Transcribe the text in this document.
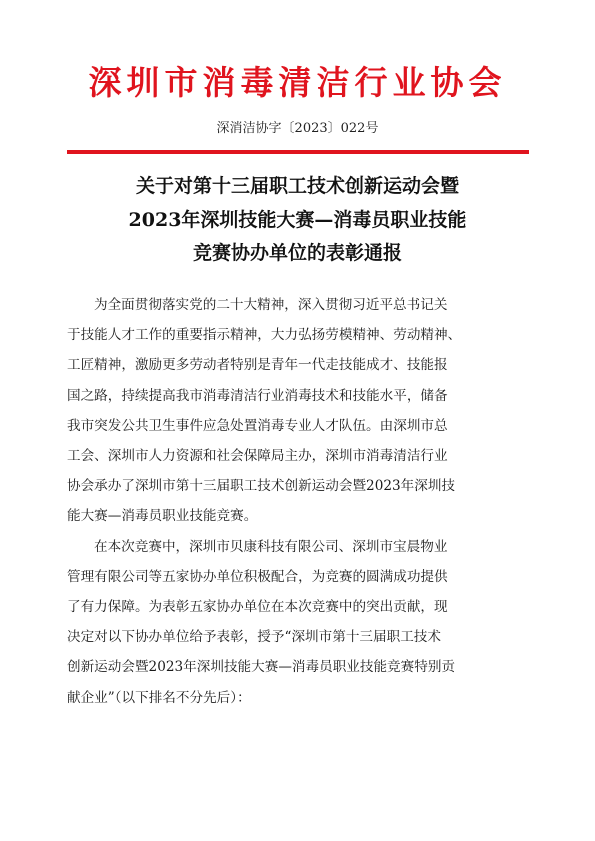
深圳市消毒清洁行业协会
深消洁协字〔2023〕022号
关于对第十三届职工技术创新运动会暨
2023年深圳技能大赛—消毒员职业技能
竞赛协办单位的表彰通报
为全面贯彻落实党的二十大精神，深入贯彻习近平总书记关
于技能人才工作的重要指示精神，大力弘扬劳模精神、劳动精神、
工匠精神，激励更多劳动者特别是青年一代走技能成才、技能报
国之路，持续提高我市消毒清洁行业消毒技术和技能水平，储备
我市突发公共卫生事件应急处置消毒专业人才队伍。由深圳市总
工会、深圳市人力资源和社会保障局主办，深圳市消毒清洁行业
协会承办了深圳市第十三届职工技术创新运动会暨2023年深圳技
能大赛—消毒员职业技能竞赛。
在本次竞赛中，深圳市贝康科技有限公司、深圳市宝晨物业
管理有限公司等五家协办单位积极配合，为竞赛的圆满成功提供
了有力保障。为表彰五家协办单位在本次竞赛中的突出贡献，现
决定对以下协办单位给予表彰，授予“深圳市第十三届职工技术
创新运动会暨2023年深圳技能大赛—消毒员职业技能竞赛特别贡
献企业”（以下排名不分先后）：
